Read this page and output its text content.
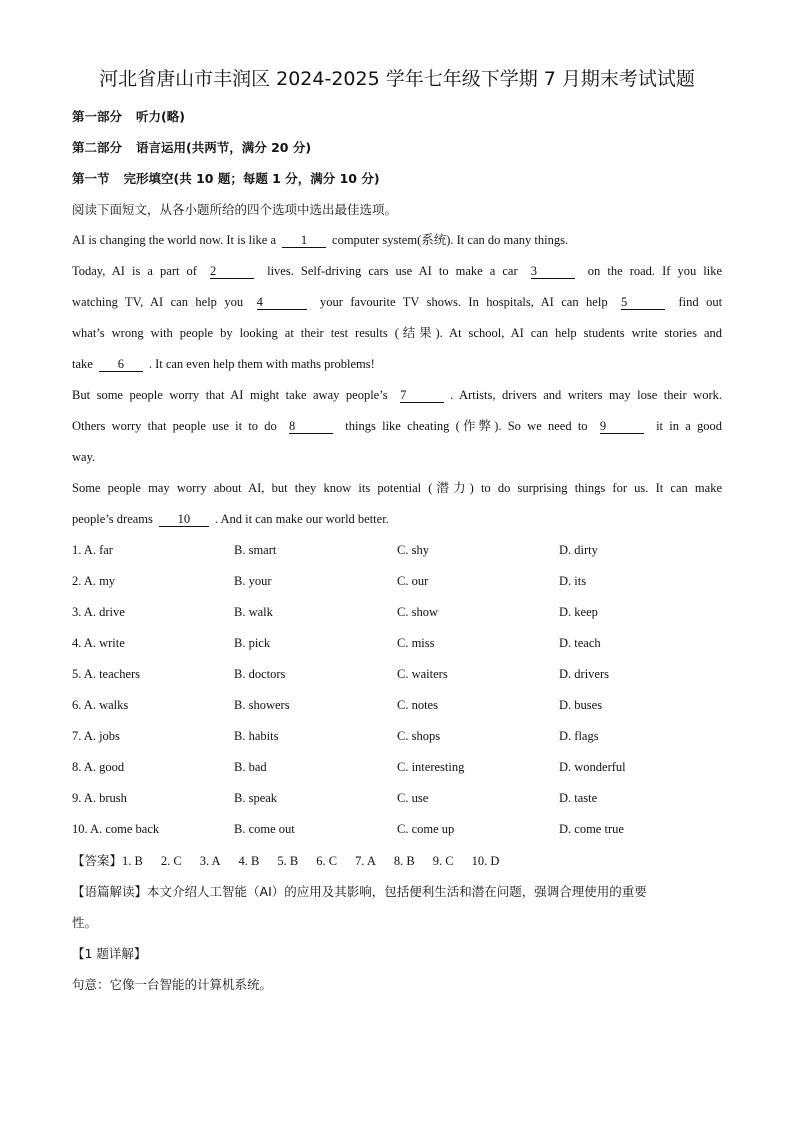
河北省唐山市丰润区 2024-2025 学年七年级下学期 7 月期末考试试题
第一部分 听力(略)
第二部分 语言运用(共两节，满分 20 分)
第一节 完形填空(共 10 题；每题 1 分，满分 10 分)
阅读下面短文，从各小题所给的四个选项中选出最佳选项。
AI is changing the world now. It is like a 1 computer system(系统). It can do many things.
Today, AI is a part of 2	lives. Self-driving cars use AI to make a car 3	on the road. If you like
watching TV, AI can help you 4	your favourite TV shows. In hospitals, AI can help 5	find out
what’s wrong with people by looking at their test results (结果). At school, AI can help students write stories and
take 6 . It can even help them with maths problems!
But some people worry that AI might take away people’s 7	. Artists, drivers and writers may lose their work.
Others worry that people use it to do 8	things like cheating (作弊). So we need to 9	it in a good
way.
Some people may worry about AI, but they know its potential (潜力) to do surprising things for us. It can make
people’s dreams 10 . And it can make our world better.
1. A. far	B. smart	C. shy	D. dirty
2. A. my	B. your	C. our	D. its
3. A. drive	B. walk	C. show	D. keep
4. A. write	B. pick	C. miss	D. teach
5. A. teachers	B. doctors	C. waiters	D. drivers
6. A. walks	B. showers	C. notes	D. buses
7. A. jobs	B. habits	C. shops	D. flags
8. A. good	B. bad	C. interesting	D. wonderful
9. A. brush	B. speak	C. use	D. taste
10. A. come back	B. come out	C. come up	D. come true
【答案】1. B 2. C 3. A 4. B 5. B 6. C 7. A 8. B 9. C 10. D
【语篇解读】本文介绍人工智能（AI）的应用及其影响，包括便利生活和潜在问题，强调合理使用的重要
性。
【1 题详解】
句意：它像一台智能的计算机系统。
